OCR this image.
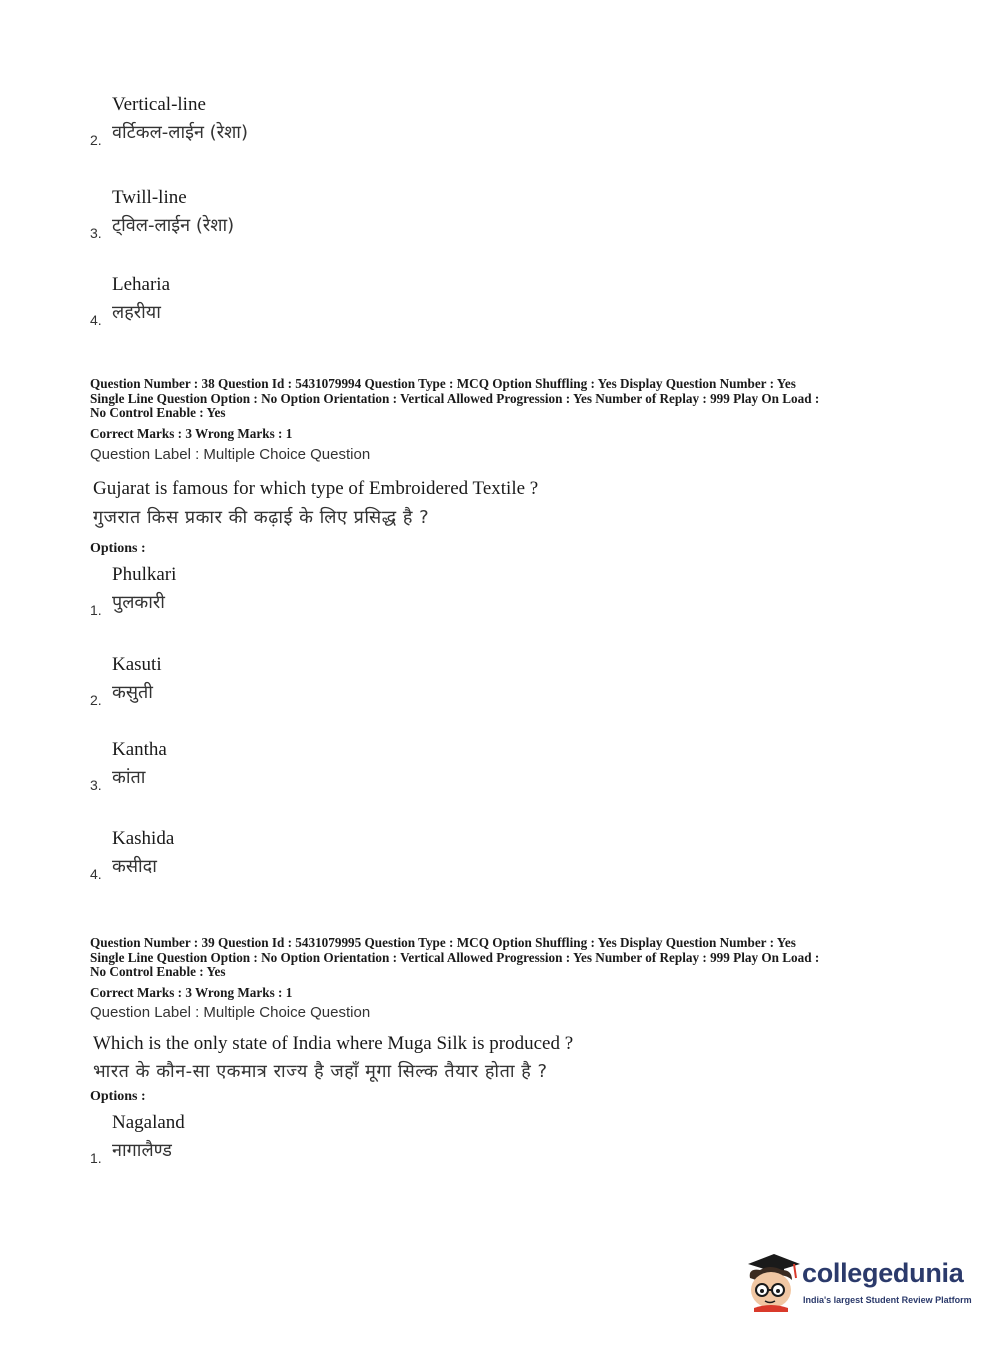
Vertical-line
वर्टिकल-लाईन (रेशा)
2.
Twill-line
ट्विल-लाईन (रेशा)
3.
Leharia
लहरीया
4.
Question Number : 38 Question Id : 5431079994 Question Type : MCQ Option Shuffling : Yes Display Question Number : Yes
Single Line Question Option : No Option Orientation : Vertical Allowed Progression : Yes Number of Replay : 999 Play On Load :
No Control Enable : Yes
Correct Marks : 3 Wrong Marks : 1
Question Label : Multiple Choice Question
Gujarat is famous for which type of Embroidered Textile ?
गुजरात किस प्रकार की कढ़ाई के लिए प्रसिद्ध है ?
Options :
Phulkari
पुलकारी
1.
Kasuti
कसुती
2.
Kantha
कांता
3.
Kashida
कसीदा
4.
Question Number : 39 Question Id : 5431079995 Question Type : MCQ Option Shuffling : Yes Display Question Number : Yes
Single Line Question Option : No Option Orientation : Vertical Allowed Progression : Yes Number of Replay : 999 Play On Load :
No Control Enable : Yes
Correct Marks : 3 Wrong Marks : 1
Question Label : Multiple Choice Question
Which is the only state of India where Muga Silk is produced ?
भारत के कौन-सा एकमात्र राज्य है जहाँ मूगा सिल्क तैयार होता है ?
Options :
Nagaland
नागालैण्ड
1.
collegedunia
India's largest Student Review Platform
